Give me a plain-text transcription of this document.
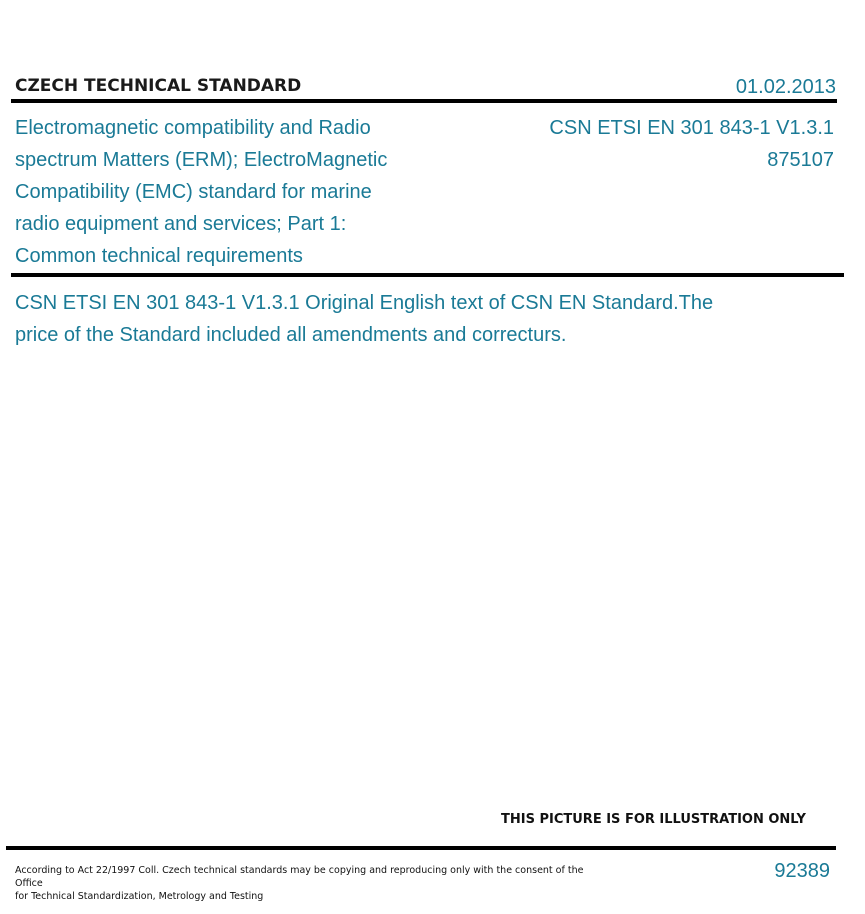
CZECH TECHNICAL STANDARD	01.02.2013
Electromagnetic compatibility and Radio
spectrum Matters (ERM); ElectroMagnetic
Compatibility (EMC) standard for marine
radio equipment and services; Part 1:
Common technical requirements
CSN ETSI EN 301 843-1 V1.3.1
875107
CSN ETSI EN 301 843-1 V1.3.1 Original English text of CSN EN Standard.The
price of the Standard included all amendments and correcturs.
THIS PICTURE IS FOR ILLUSTRATION ONLY
According to Act 22/1997 Coll. Czech technical standards may be copying and reproducing only with the consent of the Office
for Technical Standardization, Metrology and Testing
92389
